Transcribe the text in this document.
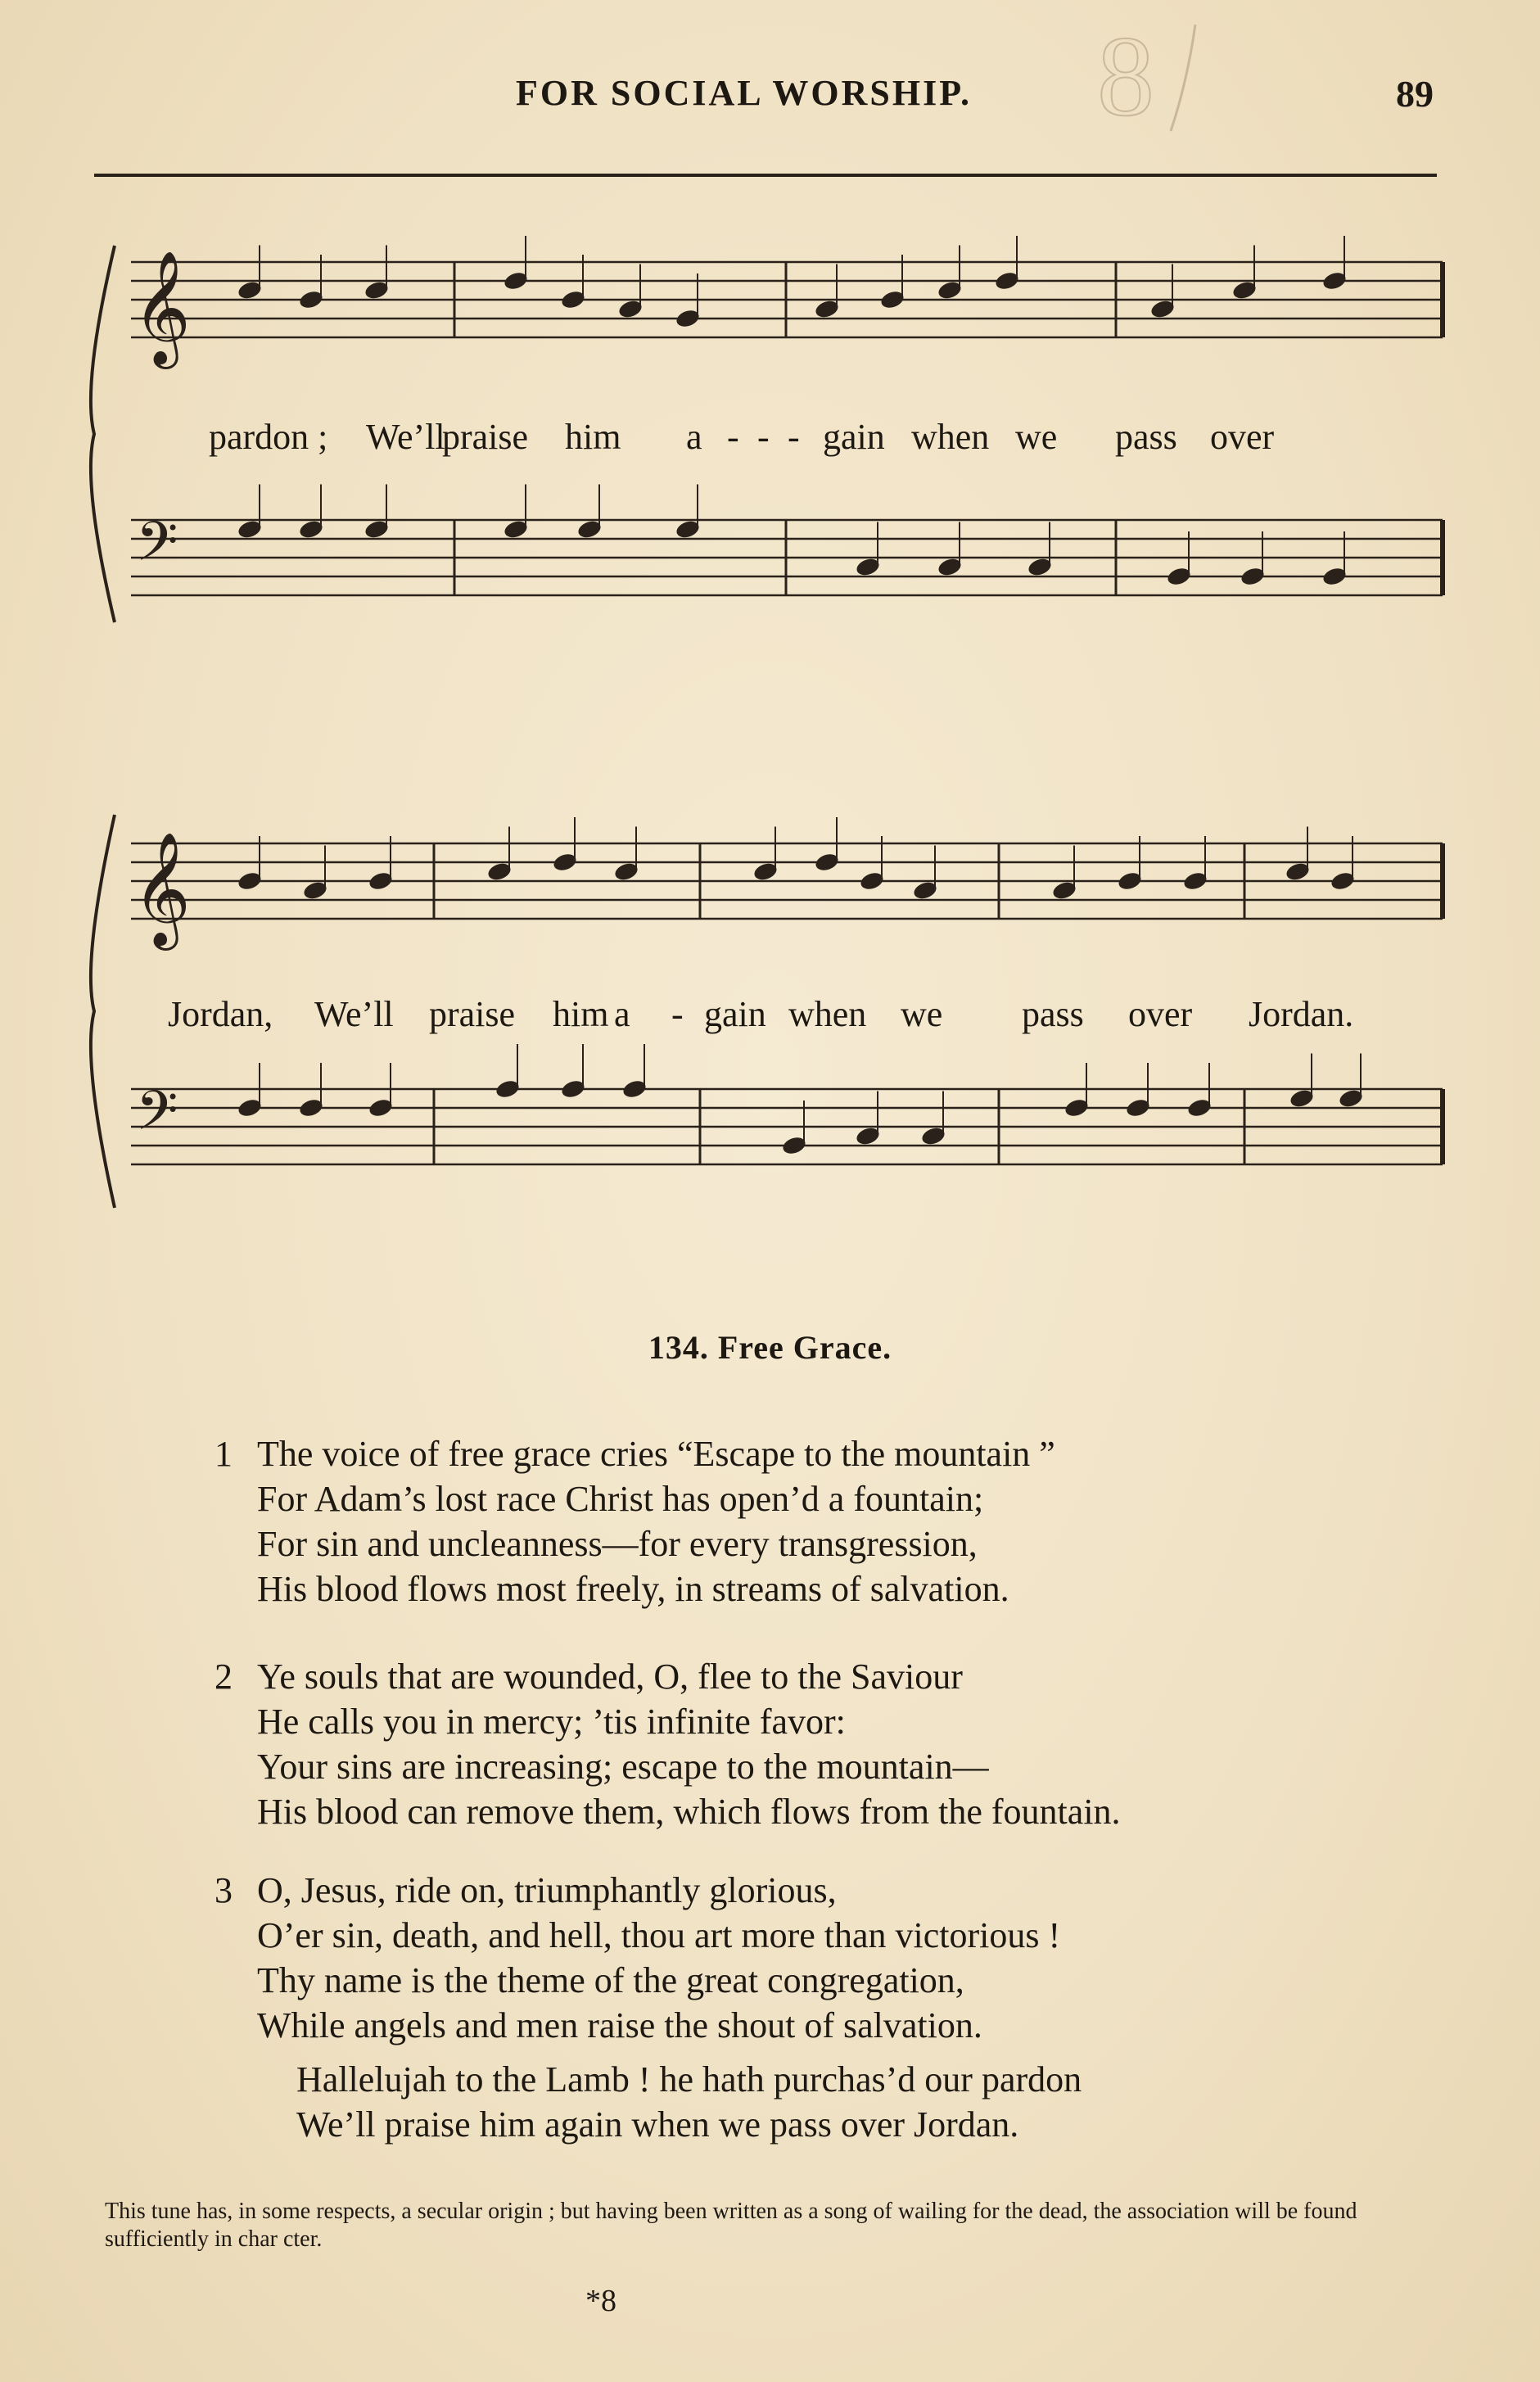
FOR SOCIAL WORSHIP.	89
8
𝄞
𝄢
pardon ; We’ll
praise him a - - - gain when we pass over
𝄞
𝄢
Jordan, We’ll praise him a - gain when we pass over Jordan.
134. Free Grace.
1 The voice of free grace cries “Escape to the mountain ”
For Adam’s lost race Christ has open’d a fountain;
For sin and uncleanness—for every transgression,
His blood flows most freely, in streams of salvation.
2 Ye souls that are wounded, O, flee to the Saviour
He calls you in mercy; ’tis infinite favor:
Your sins are increasing; escape to the mountain—
His blood can remove them, which flows from the fountain.
3 O, Jesus, ride on, triumphantly glorious,
O’er sin, death, and hell, thou art more than victorious !
Thy name is the theme of the great congregation,
While angels and men raise the shout of salvation.
Hallelujah to the Lamb ! he hath purchas’d our pardon
We’ll praise him again when we pass over Jordan.
This tune has, in some respects, a secular origin ; but having been written as a song of wailing for the dead, the association will be found sufficiently in char cter.
*8
